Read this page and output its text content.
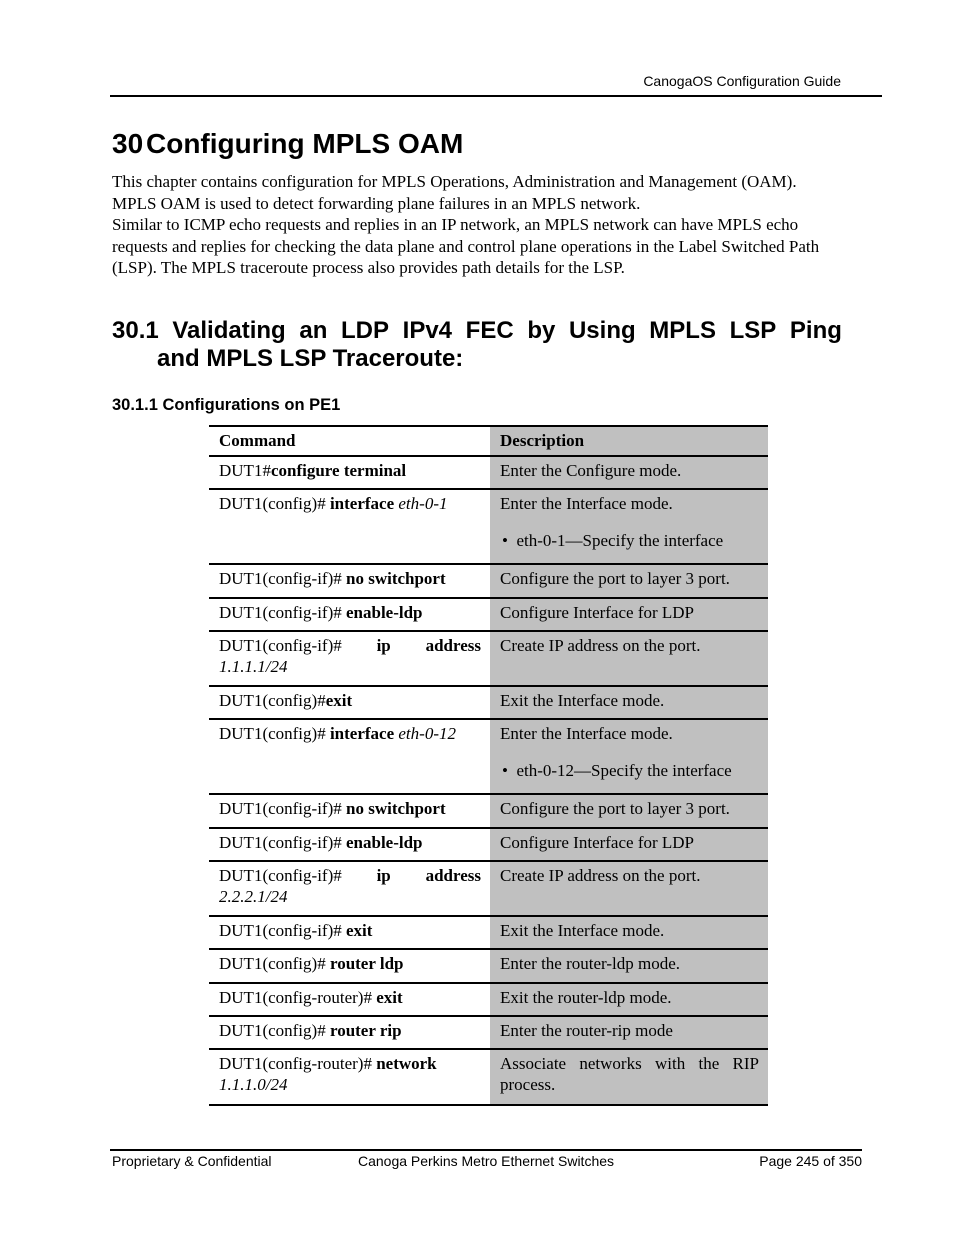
CanogaOS Configuration Guide
30 Configuring MPLS OAM

This chapter contains configuration for MPLS Operations, Administration and Management (OAM). MPLS OAM is used to detect forwarding plane failures in an MPLS network.

Similar to ICMP echo requests and replies in an IP network, an MPLS network can have MPLS echo requests and replies for checking the data plane and control plane operations in the Label Switched Path (LSP). The MPLS traceroute process also provides path details for the LSP.

30.1 Validating an LDP IPv4 FEC by Using MPLS LSP Ping
and MPLS LSP Traceroute:
30.1.1 Configurations on PE1
Command	Description
DUT1#configure terminal	Enter the Configure mode.
DUT1(config)# interface eth-0-1	Enter the Interface mode.
•  eth-0-1—Specify the interface

DUT1(config-if)# no switchport	Configure the port to layer 3 port.
DUT1(config-if)# enable-ldp	Configure Interface for LDP

DUT1(config-if)# ip address
1.1.1.1/24	Create IP address on the port.
DUT1(config)#exit	Exit the Interface mode.
DUT1(config)# interface eth-0-12	Enter the Interface mode.
•  eth-0-12—Specify the interface

DUT1(config-if)# no switchport	Configure the port to layer 3 port.
DUT1(config-if)# enable-ldp	Configure Interface for LDP

DUT1(config-if)# ip address
2.2.2.1/24	Create IP address on the port.
DUT1(config-if)# exit	Exit the Interface mode.
DUT1(config)# router ldp	Enter the router-ldp mode.
DUT1(config-router)# exit	Exit the router-ldp mode.
DUT1(config)# router rip	Enter the router-rip mode

DUT1(config-router)# network
1.1.1.0/24	Associate networks with the RIP process.
Proprietary & Confidential	Canoga Perkins Metro Ethernet Switches	Page 245 of 350
